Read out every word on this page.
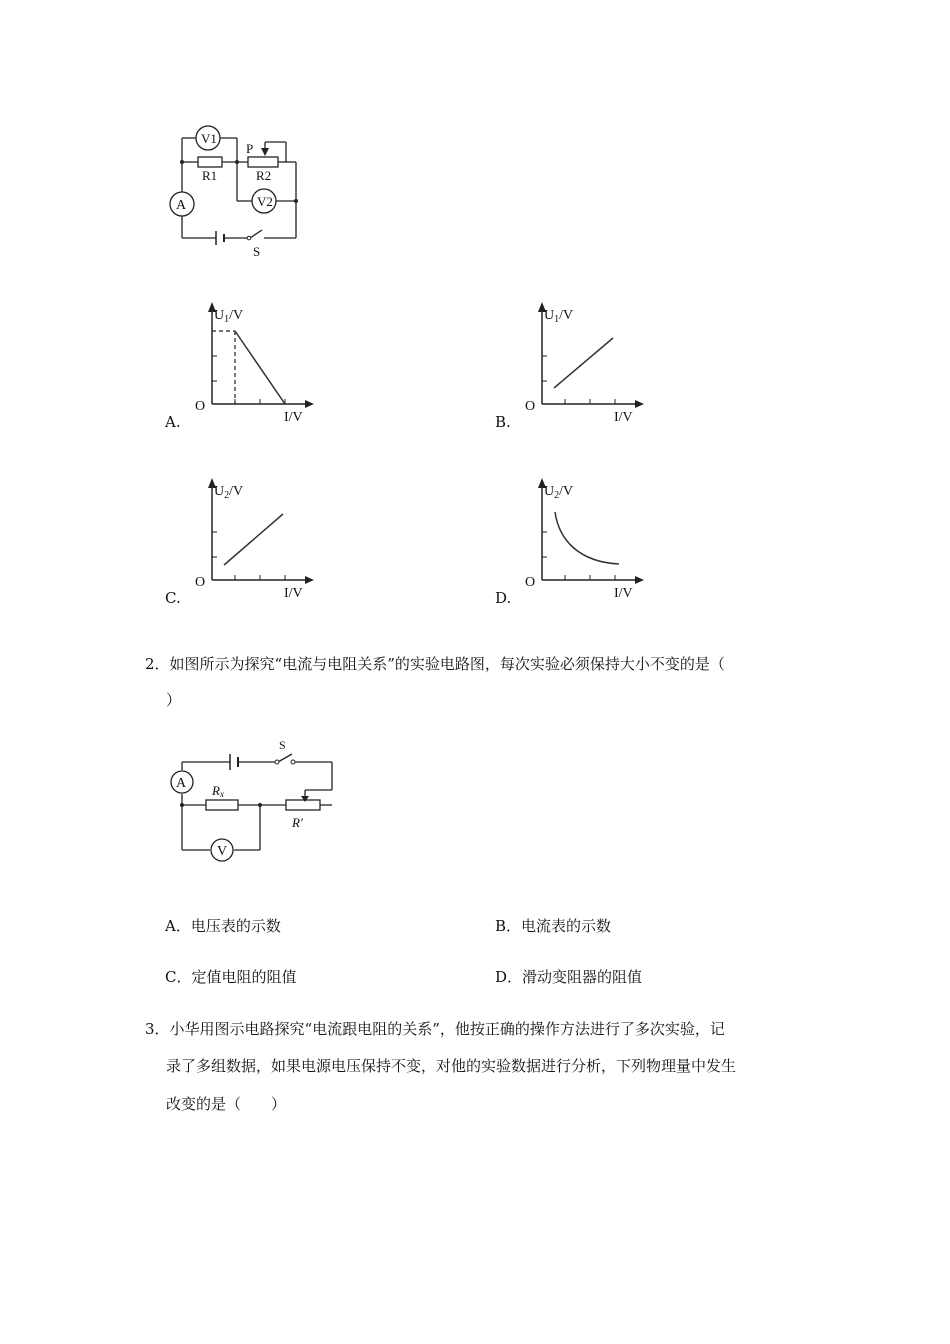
V1
V2
A
R1	R2
P
S
$U_1/V$
O
I/V
A.
$U_1/V$
O
I/V
B.
$U_2/V$
O
I/V
C.
$U_2/V$
O
I/V
D.
2．如图所示为探究“电流与电阻关系”的实验电路图，每次实验必须保持大小不变的是（
）
A
V
S
Rx
R′
A．电压表的示数	B．电流表的示数
C．定值电阻的阻值	D．滑动变阻器的阻值
3．小华用图示电路探究“电流跟电阻的关系”，他按正确的操作方法进行了多次实验，记
录了多组数据，如果电源电压保持不变，对他的实验数据进行分析，下列物理量中发生
改变的是（　　）
